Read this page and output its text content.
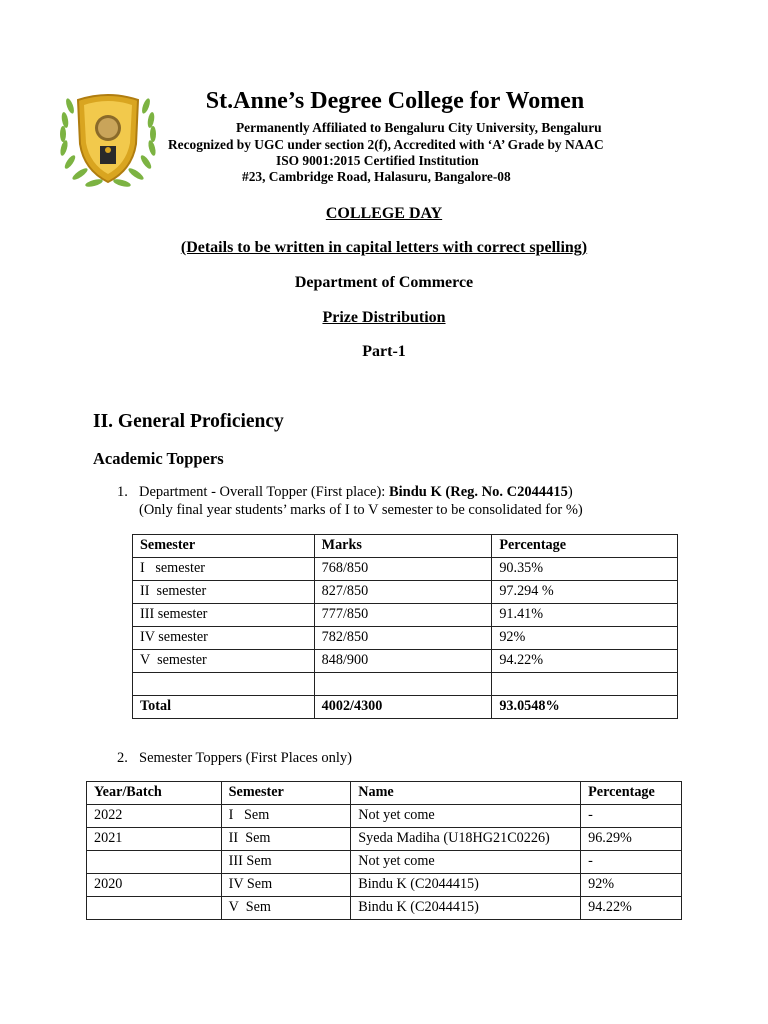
St.Anne’s Degree College for Women
Permanently Affiliated to Bengaluru City University, Bengaluru
Recognized by UGC under section 2(f), Accredited with ‘A’ Grade by NAAC
ISO 9001:2015 Certified Institution
#23, Cambridge Road, Halasuru, Bangalore-08
COLLEGE DAY
(Details to be written in capital letters with correct spelling)
Department of Commerce
Prize Distribution
Part-1
II. General Proficiency
Academic Toppers
1. Department - Overall Topper (First place): Bindu K (Reg. No. C2044415)
(Only final year students’ marks of I to V semester to be consolidated for %)
Semester	Marks	Percentage
I   semester	768/850	90.35%
II  semester	827/850	97.294 %
III semester	777/850	91.41%
IV semester	782/850	92%
V  semester	848/900	94.22%

Total	4002/4300	93.0548%
2. Semester Toppers (First Places only)
Year/Batch	Semester	Name	Percentage
2022	I   Sem	Not yet come	-
2021	II  Sem	Syeda Madiha (U18HG21C0226)	96.29%
	III Sem	Not yet come	-
2020	IV Sem	Bindu K (C2044415)	92%
	V  Sem	Bindu K (C2044415)	94.22%
